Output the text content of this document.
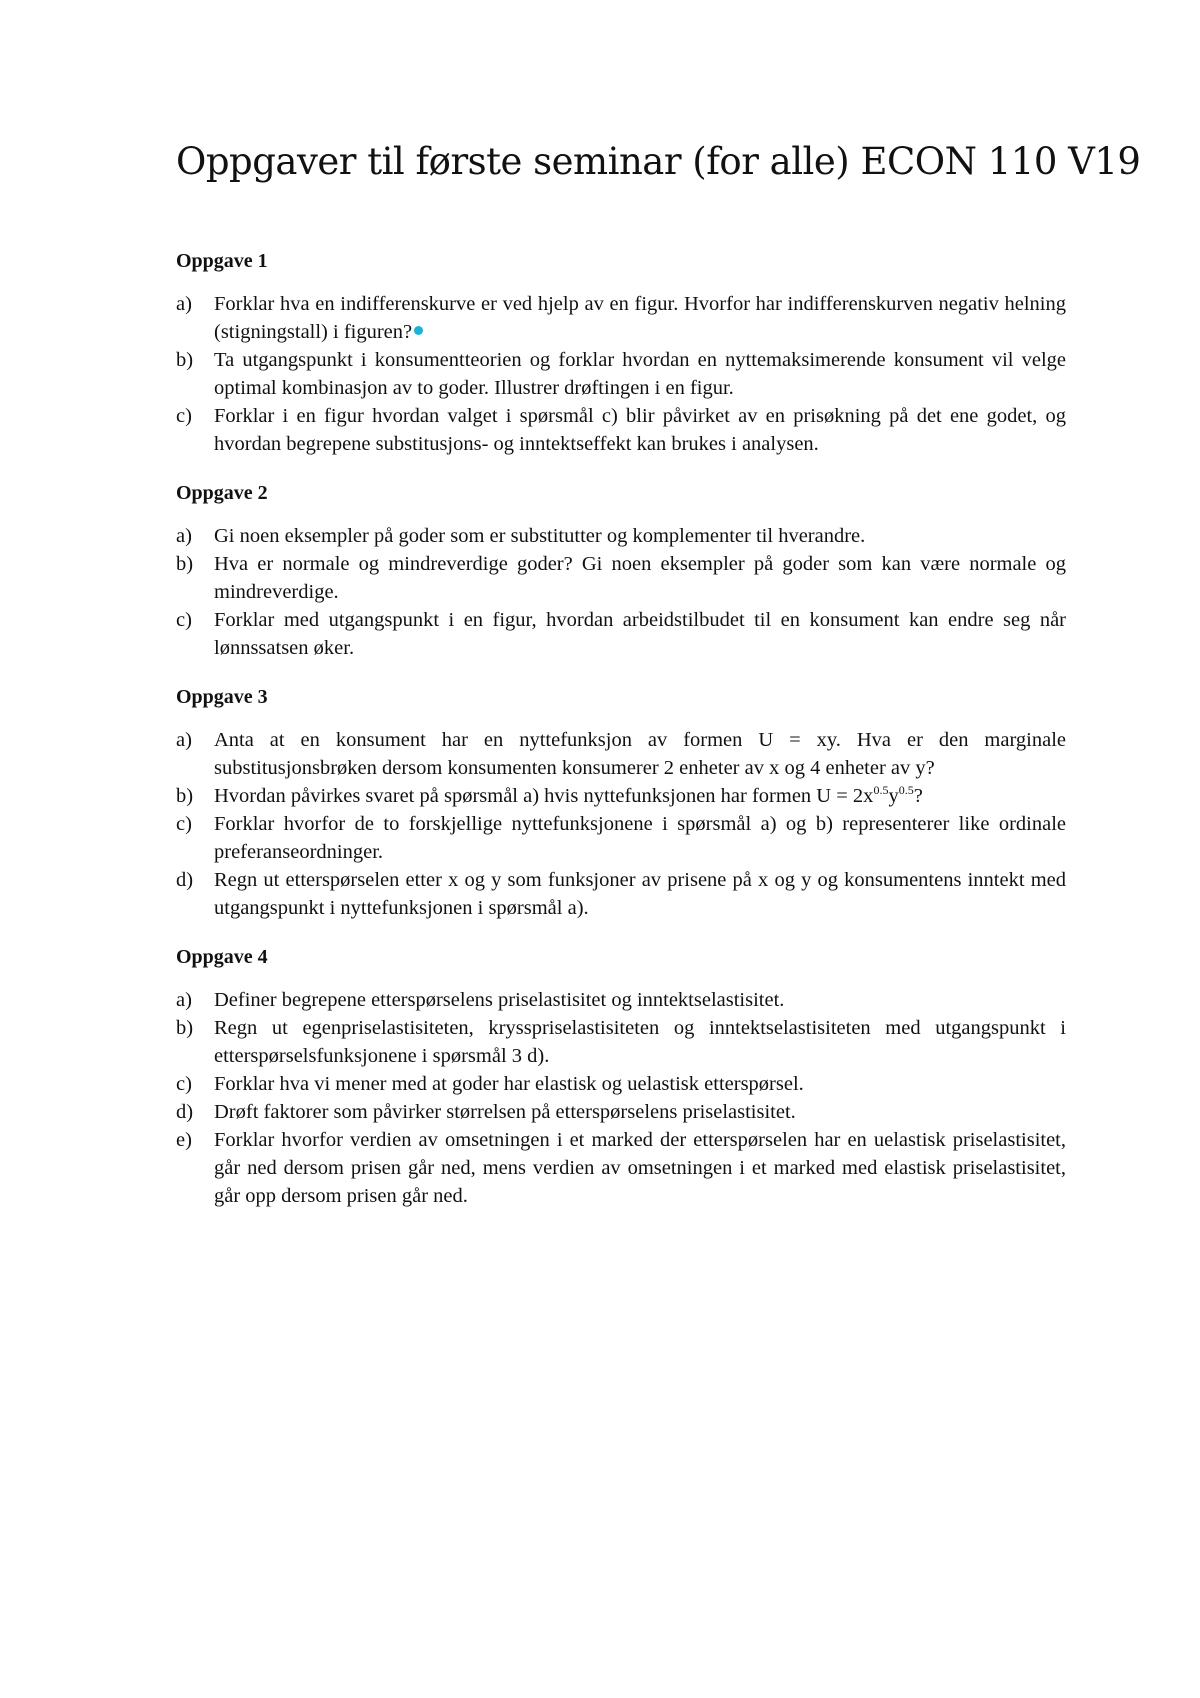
Oppgaver til første seminar (for alle) ECON 110 V19
Oppgave 1
a)	Forklar hva en indifferenskurve er ved hjelp av en figur. Hvorfor har indifferenskurven negativ helning (stigningstall) i figuren?
b)	Ta utgangspunkt i konsumentteorien og forklar hvordan en nyttemaksimerende konsument vil velge optimal kombinasjon av to goder. Illustrer drøftingen i en figur.
c)	Forklar i en figur hvordan valget i spørsmål c) blir påvirket av en prisøkning på det ene godet, og hvordan begrepene substitusjons- og inntektseffekt kan brukes i analysen.
Oppgave 2
a)	Gi noen eksempler på goder som er substitutter og komplementer til hverandre.
b)	Hva er normale og mindreverdige goder? Gi noen eksempler på goder som kan være normale og mindreverdige.
c)	Forklar med utgangspunkt i en figur, hvordan arbeidstilbudet til en konsument kan endre seg når lønnssatsen øker.
Oppgave 3
a)	Anta at en konsument har en nyttefunksjon av formen U = xy. Hva er den marginale substitusjonsbrøken dersom konsumenten konsumerer 2 enheter av x og 4 enheter av y?
b)	Hvordan påvirkes svaret på spørsmål a) hvis nyttefunksjonen har formen $U = 2x^{0.5}y^{0.5}$?
c)	Forklar hvorfor de to forskjellige nyttefunksjonene i spørsmål a) og b) representerer like ordinale preferanseordninger.
d)	Regn ut etterspørselen etter x og y som funksjoner av prisene på x og y og konsumentens inntekt med utgangspunkt i nyttefunksjonen i spørsmål a).
Oppgave 4
a)	Definer begrepene etterspørselens priselastisitet og inntektselastisitet.
b)	Regn ut egenpriselastisiteten, krysspriselastisiteten og inntektselastisiteten med utgangspunkt i etterspørselsfunksjonene i spørsmål 3 d).
c)	Forklar hva vi mener med at goder har elastisk og uelastisk etterspørsel.
d)	Drøft faktorer som påvirker størrelsen på etterspørselens priselastisitet.
e)	Forklar hvorfor verdien av omsetningen i et marked der etterspørselen har en uelastisk priselastisitet, går ned dersom prisen går ned, mens verdien av omsetningen i et marked med elastisk priselastisitet, går opp dersom prisen går ned.
